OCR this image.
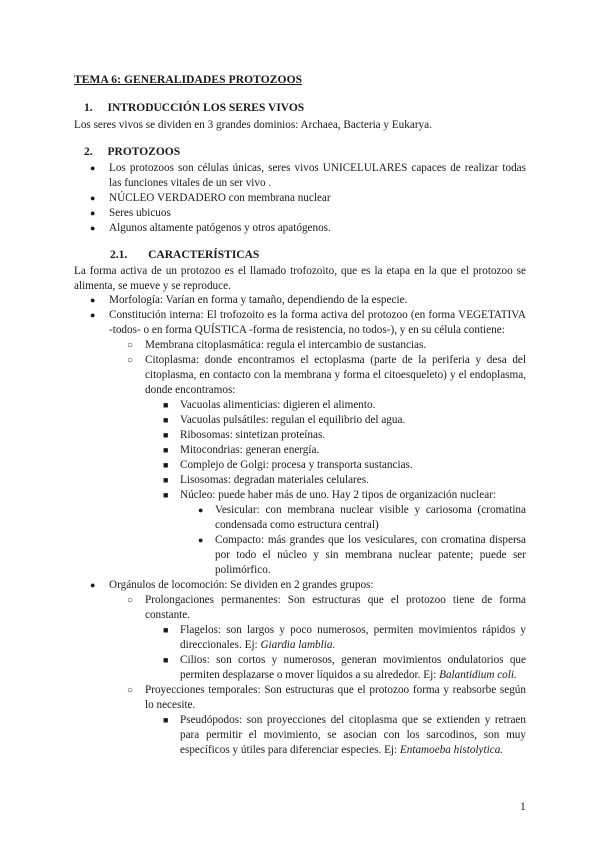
TEMA 6: GENERALIDADES PROTOZOOS
1. INTRODUCCIÓN LOS SERES VIVOS
Los seres vivos se dividen en 3 grandes dominios: Archaea, Bacteria y Eukarya.
2. PROTOZOOS
● Los protozoos son células únicas, seres vivos UNICELULARES capaces de realizar todas las funciones vitales de un ser vivo .
● NÚCLEO VERDADERO con membrana nuclear
● Seres ubicuos
● Algunos altamente patógenos y otros apatógenos.
2.1. CARACTERÍSTICAS
La forma activa de un protozoo es el llamado trofozoito, que es la etapa en la que el protozoo se alimenta, se mueve y se reproduce.
● Morfología: Varían en forma y tamaño, dependiendo de la especie.
● Constitución interna: El trofozoito es la forma activa del protozoo (en forma VEGETATIVA -todos- o en forma QUÍSTICA -forma de resistencia, no todos-), y en su célula contiene:
○ Membrana citoplasmática: regula el intercambio de sustancias.
○ Citoplasma: donde encontramos el ectoplasma (parte de la periferia y desa del citoplasma, en contacto con la membrana y forma el citoesqueleto) y el endoplasma, donde encontramos:
■ Vacuolas alimenticias: digieren el alimento.
■ Vacuolas pulsátiles: regulan el equilibrio del agua.
■ Ribosomas: sintetizan proteínas.
■ Mitocondrias: generan energía.
■ Complejo de Golgi: procesa y transporta sustancias.
■ Lisosomas: degradan materiales celulares.
■ Núcleo: puede haber más de uno. Hay 2 tipos de organización nuclear:
● Vesicular: con membrana nuclear visible y cariosoma (cromatina condensada como estructura central)
● Compacto: más grandes que los vesiculares, con cromatina dispersa por todo el núcleo y sin membrana nuclear patente; puede ser polimórfico.
● Orgánulos de locomoción: Se dividen en 2 grandes grupos:
○ Prolongaciones permanentes: Son estructuras que el protozoo tiene de forma constante.
■ Flagelos: son largos y poco numerosos, permiten movimientos rápidos y direccionales. Ej: Giardia lamblia.
■ Cilios: son cortos y numerosos, generan movimientos ondulatorios que permiten desplazarse o mover líquidos a su alrededor. Ej: Balantidium coli.
○ Proyecciones temporales: Son estructuras que el protozoo forma y reabsorbe según lo necesite.
■ Pseudópodos: son proyecciones del citoplasma que se extienden y retraen para permitir el movimiento, se asocian con los sarcodinos, son muy específicos y útiles para diferenciar especies. Ej: Entamoeba histolytica.
1
